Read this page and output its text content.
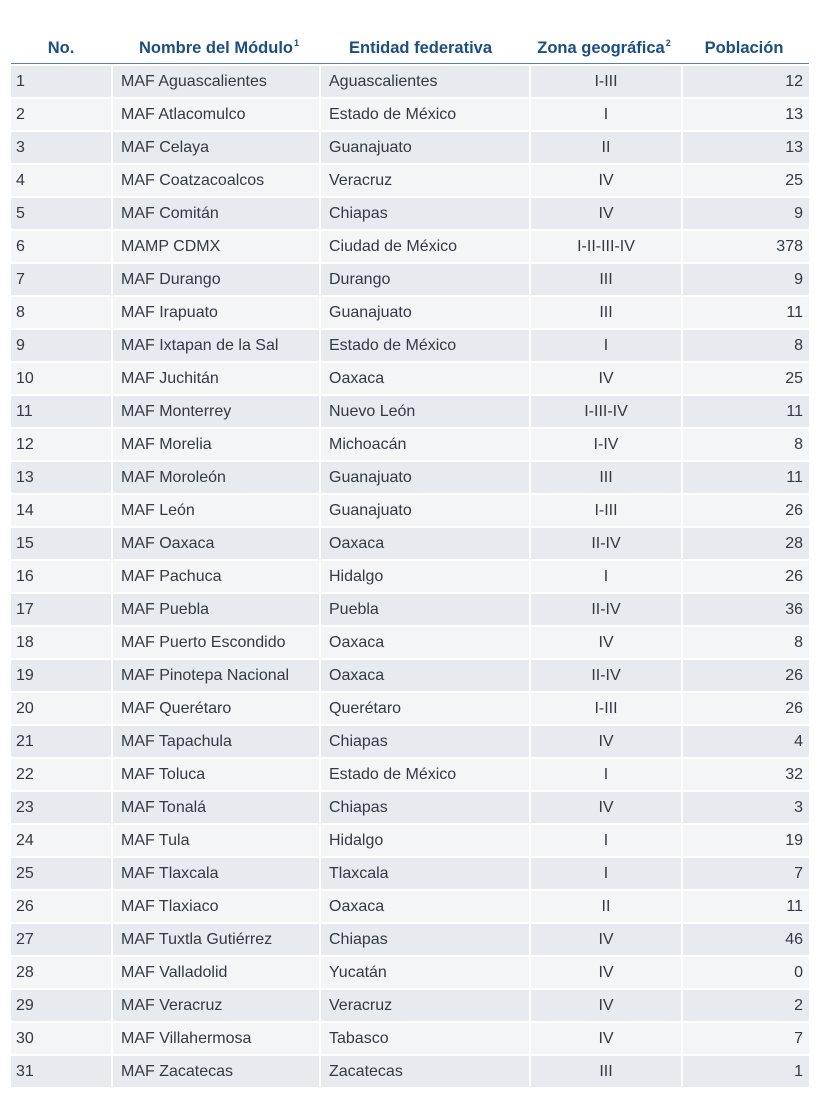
No.	Nombre del Módulo$^1$	Entidad federativa	Zona geográfica$^2$	Población
1	MAF Aguascalientes	Aguascalientes	I-III	12
2	MAF Atlacomulco	Estado de México	I	13
3	MAF Celaya	Guanajuato	II	13
4	MAF Coatzacoalcos	Veracruz	IV	25
5	MAF Comitán	Chiapas	IV	9
6	MAMP CDMX	Ciudad de México	I-II-III-IV	378
7	MAF Durango	Durango	III	9
8	MAF Irapuato	Guanajuato	III	11
9	MAF Ixtapan de la Sal	Estado de México	I	8
10	MAF Juchitán	Oaxaca	IV	25
11	MAF Monterrey	Nuevo León	I-III-IV	11
12	MAF Morelia	Michoacán	I-IV	8
13	MAF Moroleón	Guanajuato	III	11
14	MAF León	Guanajuato	I-III	26
15	MAF Oaxaca	Oaxaca	II-IV	28
16	MAF Pachuca	Hidalgo	I	26
17	MAF Puebla	Puebla	II-IV	36
18	MAF Puerto Escondido	Oaxaca	IV	8
19	MAF Pinotepa Nacional	Oaxaca	II-IV	26
20	MAF Querétaro	Querétaro	I-III	26
21	MAF Tapachula	Chiapas	IV	4
22	MAF Toluca	Estado de México	I	32
23	MAF Tonalá	Chiapas	IV	3
24	MAF Tula	Hidalgo	I	19
25	MAF Tlaxcala	Tlaxcala	I	7
26	MAF Tlaxiaco	Oaxaca	II	11
27	MAF Tuxtla Gutiérrez	Chiapas	IV	46
28	MAF Valladolid	Yucatán	IV	0
29	MAF Veracruz	Veracruz	IV	2
30	MAF Villahermosa	Tabasco	IV	7
31	MAF Zacatecas	Zacatecas	III	1
